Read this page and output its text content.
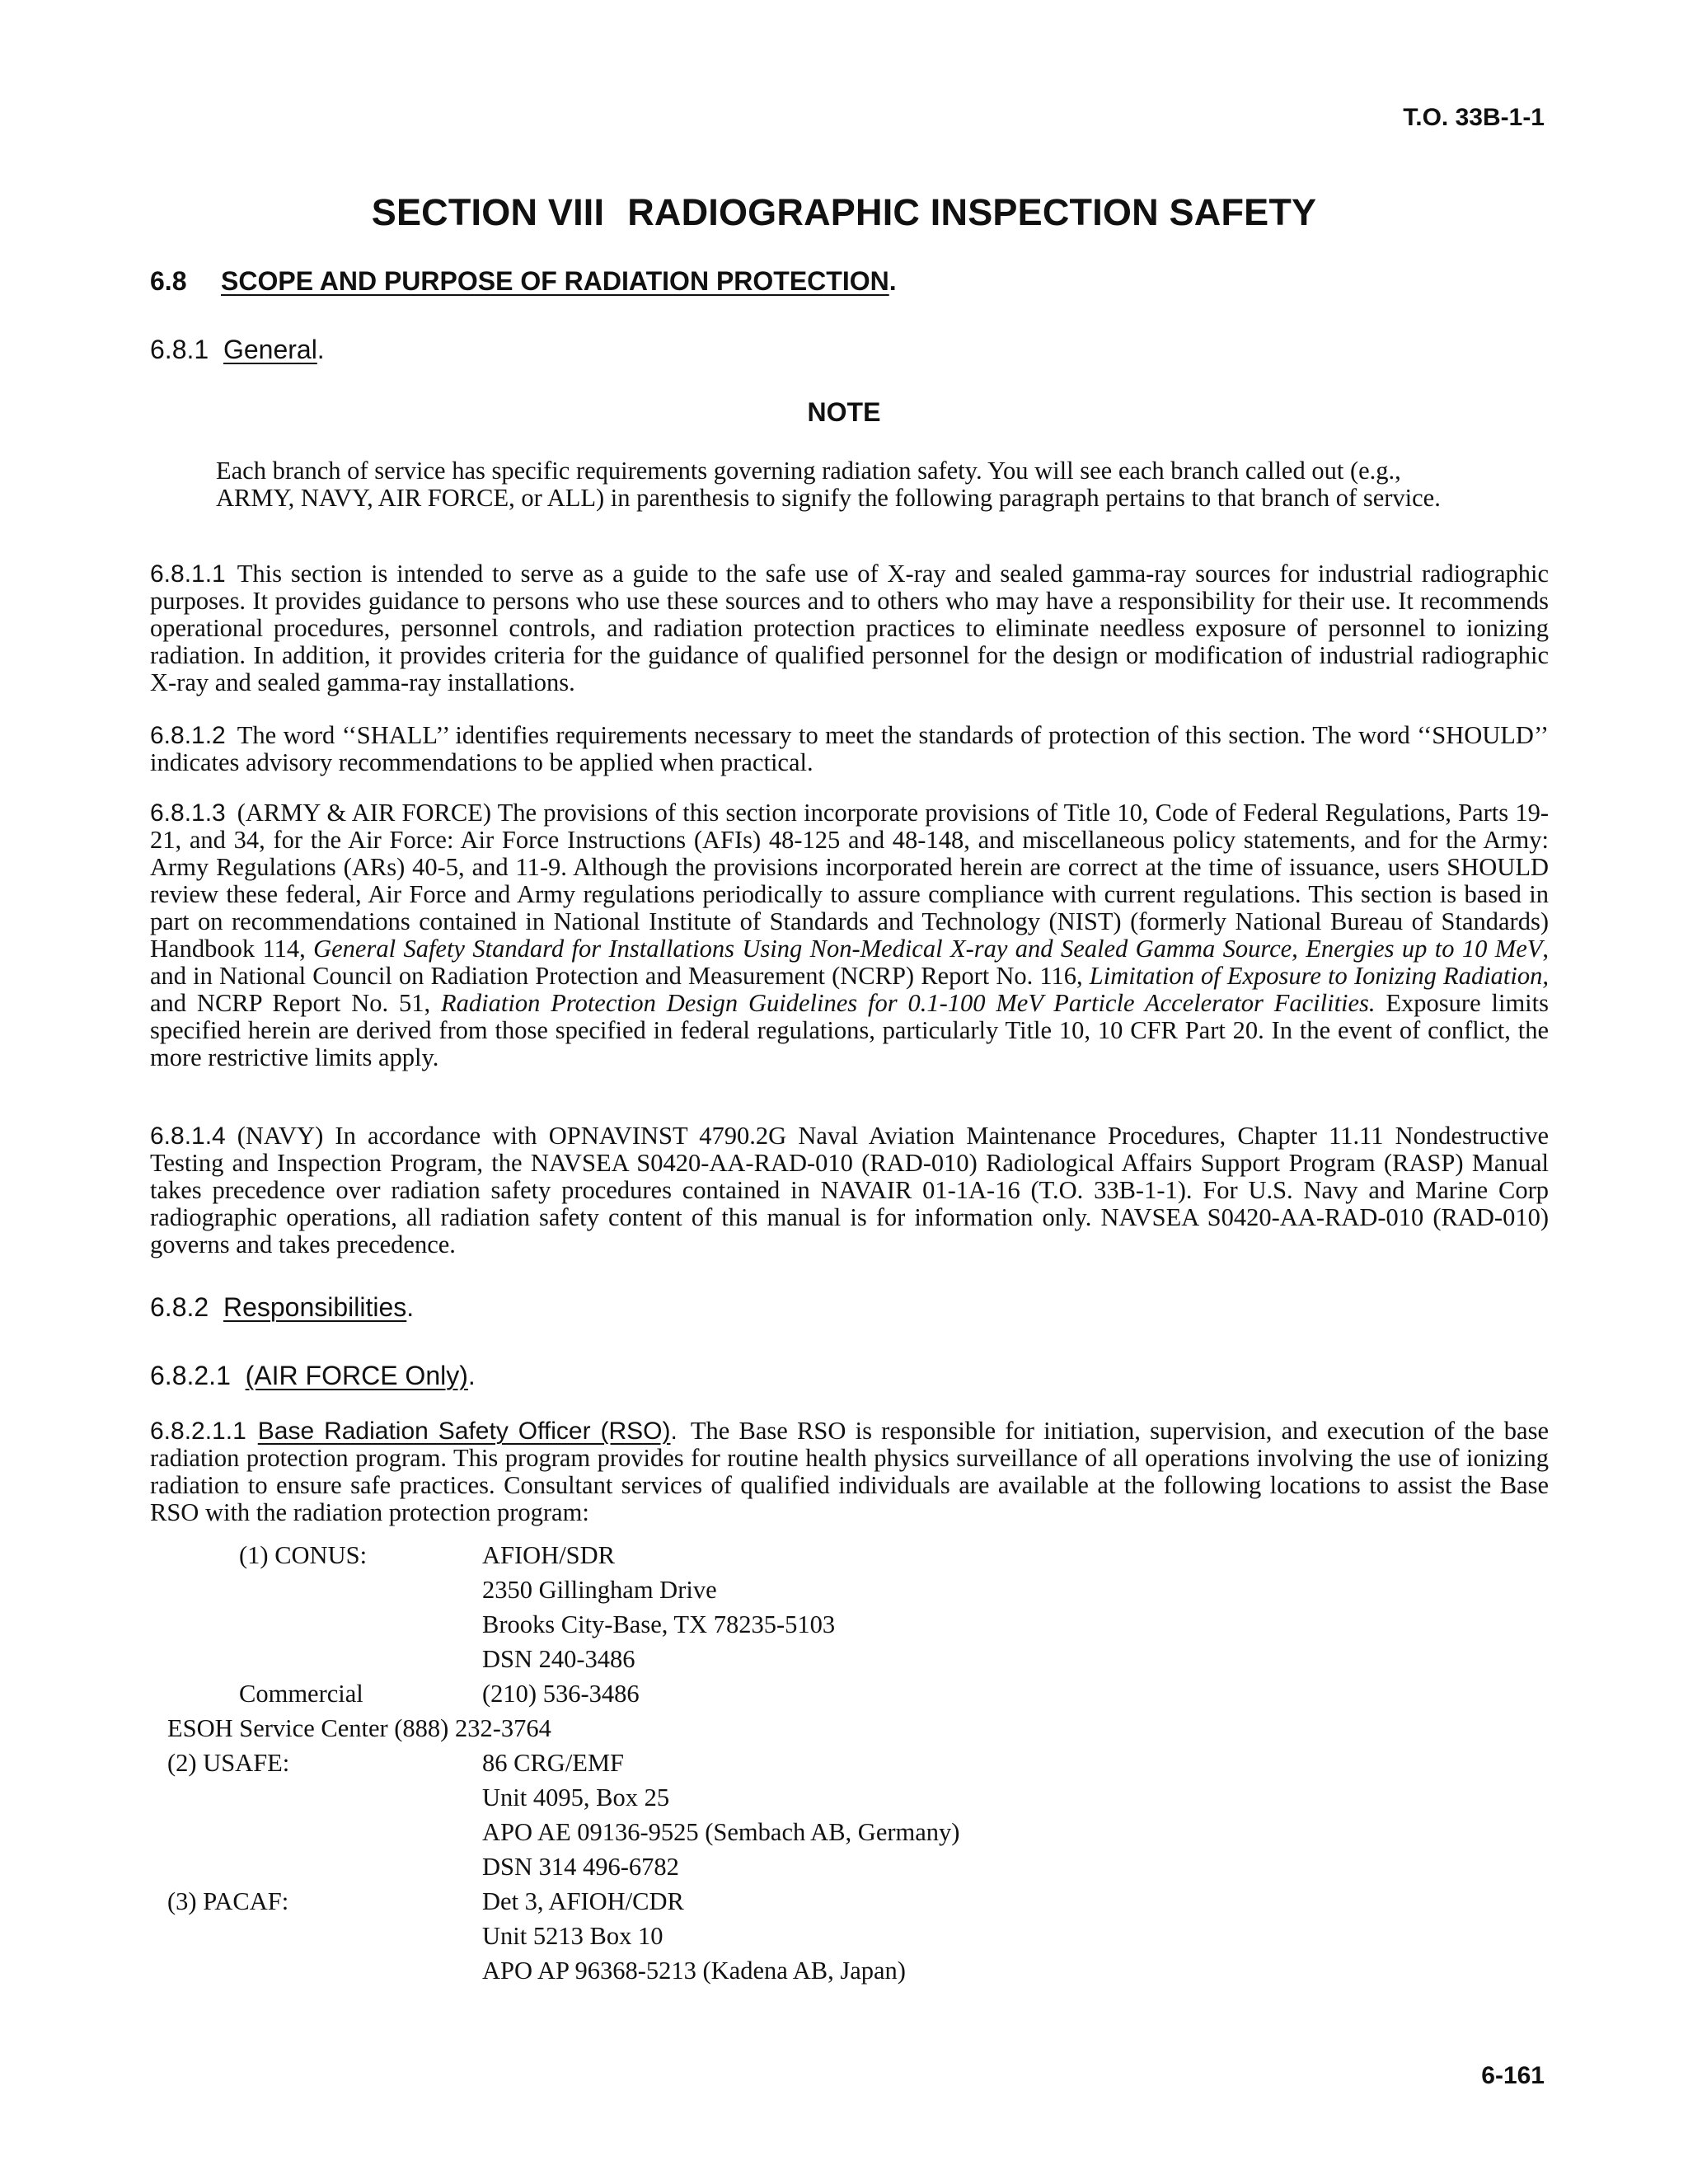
T.O. 33B-1-1
SECTION VIII RADIOGRAPHIC INSPECTION SAFETY
6.8 SCOPE AND PURPOSE OF RADIATION PROTECTION.
6.8.1 General.
NOTE
Each branch of service has specific requirements governing radiation safety. You will see each branch called out (e.g., ARMY, NAVY, AIR FORCE, or ALL) in parenthesis to signify the following paragraph pertains to that branch of service.
6.8.1.1 This section is intended to serve as a guide to the safe use of X-ray and sealed gamma-ray sources for industrial radiographic purposes. It provides guidance to persons who use these sources and to others who may have a responsibility for their use. It recommends operational procedures, personnel controls, and radiation protection practices to eliminate needless exposure of personnel to ionizing radiation. In addition, it provides criteria for the guidance of qualified personnel for the design or modification of industrial radiographic X-ray and sealed gamma-ray installations.
6.8.1.2 The word ‘‘SHALL’’ identifies requirements necessary to meet the standards of protection of this section. The word ‘‘SHOULD’’ indicates advisory recommendations to be applied when practical.
6.8.1.3 (ARMY & AIR FORCE) The provisions of this section incorporate provisions of Title 10, Code of Federal Regulations, Parts 19-21, and 34, for the Air Force: Air Force Instructions (AFIs) 48-125 and 48-148, and miscellaneous policy statements, and for the Army: Army Regulations (ARs) 40-5, and 11-9. Although the provisions incorporated herein are correct at the time of issuance, users SHOULD review these federal, Air Force and Army regulations periodically to assure compliance with current regulations. This section is based in part on recommendations contained in National Institute of Standards and Technology (NIST) (formerly National Bureau of Standards) Handbook 114, General Safety Standard for Installations Using Non-Medical X-ray and Sealed Gamma Source, Energies up to 10 MeV, and in National Council on Radiation Protection and Measurement (NCRP) Report No. 116, Limitation of Exposure to Ionizing Radiation, and NCRP Report No. 51, Radiation Protection Design Guidelines for 0.1-100 MeV Particle Accelerator Facilities. Exposure limits specified herein are derived from those specified in federal regulations, particularly Title 10, 10 CFR Part 20. In the event of conflict, the more restrictive limits apply.
6.8.1.4 (NAVY) In accordance with OPNAVINST 4790.2G Naval Aviation Maintenance Procedures, Chapter 11.11 Nondestructive Testing and Inspection Program, the NAVSEA S0420-AA-RAD-010 (RAD-010) Radiological Affairs Support Program (RASP) Manual takes precedence over radiation safety procedures contained in NAVAIR 01-1A-16 (T.O. 33B-1-1). For U.S. Navy and Marine Corp radiographic operations, all radiation safety content of this manual is for information only. NAVSEA S0420-AA-RAD-010 (RAD-010) governs and takes precedence.
6.8.2 Responsibilities.
6.8.2.1 (AIR FORCE Only).
6.8.2.1.1 Base Radiation Safety Officer (RSO). The Base RSO is responsible for initiation, supervision, and execution of the base radiation protection program. This program provides for routine health physics surveillance of all operations involving the use of ionizing radiation to ensure safe practices. Consultant services of qualified individuals are available at the following locations to assist the Base RSO with the radiation protection program:
(1) CONUS:	AFIOH/SDR
2350 Gillingham Drive
Brooks City-Base, TX 78235-5103
DSN 240-3486
Commercial	(210) 536-3486
ESOH Service Center (888) 232-3764
(2) USAFE:	86 CRG/EMF
Unit 4095, Box 25
APO AE 09136-9525 (Sembach AB, Germany)
DSN 314 496-6782
(3) PACAF:	Det 3, AFIOH/CDR
Unit 5213 Box 10
APO AP 96368-5213 (Kadena AB, Japan)
6-161
